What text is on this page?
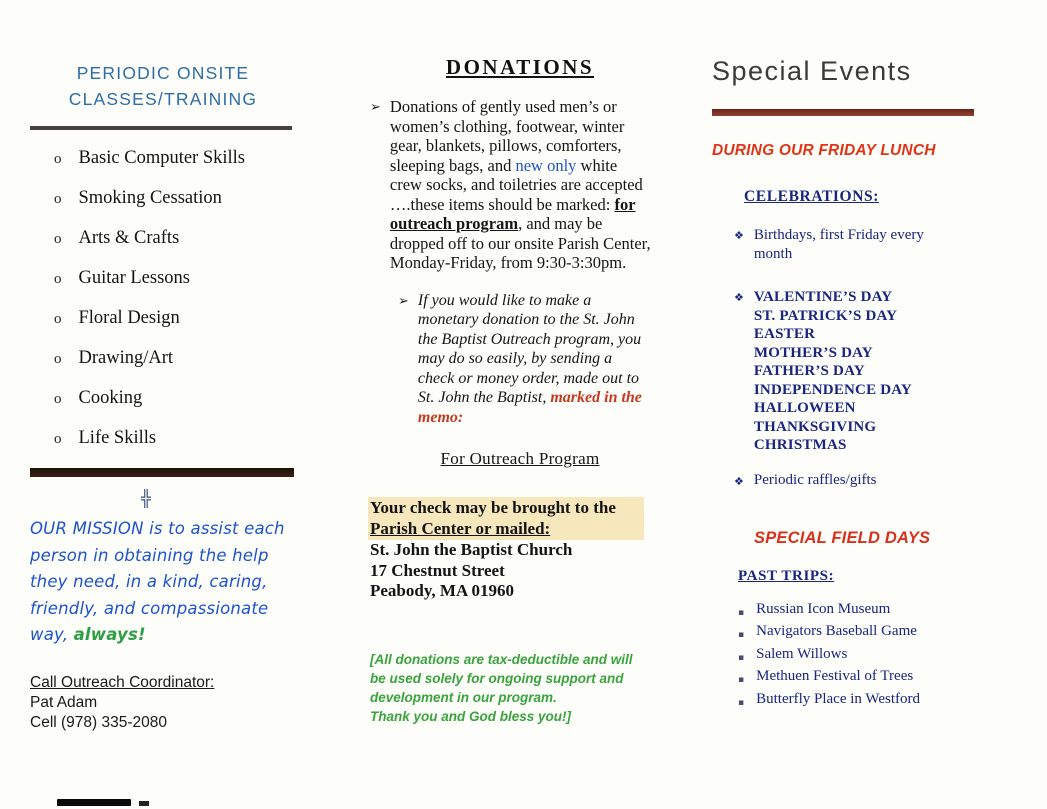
PERIODIC ONSITE
CLASSES/TRAINING
o Basic Computer Skills
o Smoking Cessation
o Arts & Crafts
o Guitar Lessons
o Floral Design
o Drawing/Art
o Cooking
o Life Skills
╬
OUR MISSION is to assist each
person in obtaining the help
they need, in a kind, caring,
friendly, and compassionate
way, always!
Call Outreach Coordinator:
Pat Adam
Cell (978) 335-2080
DONATIONS
➢ Donations of gently used men’s or women’s clothing, footwear, winter gear, blankets, pillows, comforters, sleeping bags, and new only white crew socks, and toiletries are accepted ….these items should be marked: for outreach program, and may be dropped off to our onsite Parish Center, Monday-Friday, from 9:30-3:30pm.

➢ If you would like to make a monetary donation to the St. John the Baptist Outreach program, you may do so easily, by sending a check or money order, made out to St. John the Baptist, marked in the memo:

For Outreach Program
Your check may be brought to the
Parish Center or mailed:
St. John the Baptist Church
17 Chestnut Street
Peabody, MA 01960
[All donations are tax-deductible and will
be used solely for ongoing support and
development in our program.
Thank you and God bless you!]
Special Events
DURING OUR FRIDAY LUNCH
CELEBRATIONS:
❖ Birthdays, first Friday every month
❖ VALENTINE’S DAY
ST. PATRICK’S DAY
EASTER
MOTHER’S DAY
FATHER’S DAY
INDEPENDENCE DAY
HALLOWEEN
THANKSGIVING
CHRISTMAS
❖ Periodic raffles/gifts
SPECIAL FIELD DAYS
PAST TRIPS:
▪ Russian Icon Museum
▪ Navigators Baseball Game
▪ Salem Willows
▪ Methuen Festival of Trees
▪ Butterfly Place in Westford
